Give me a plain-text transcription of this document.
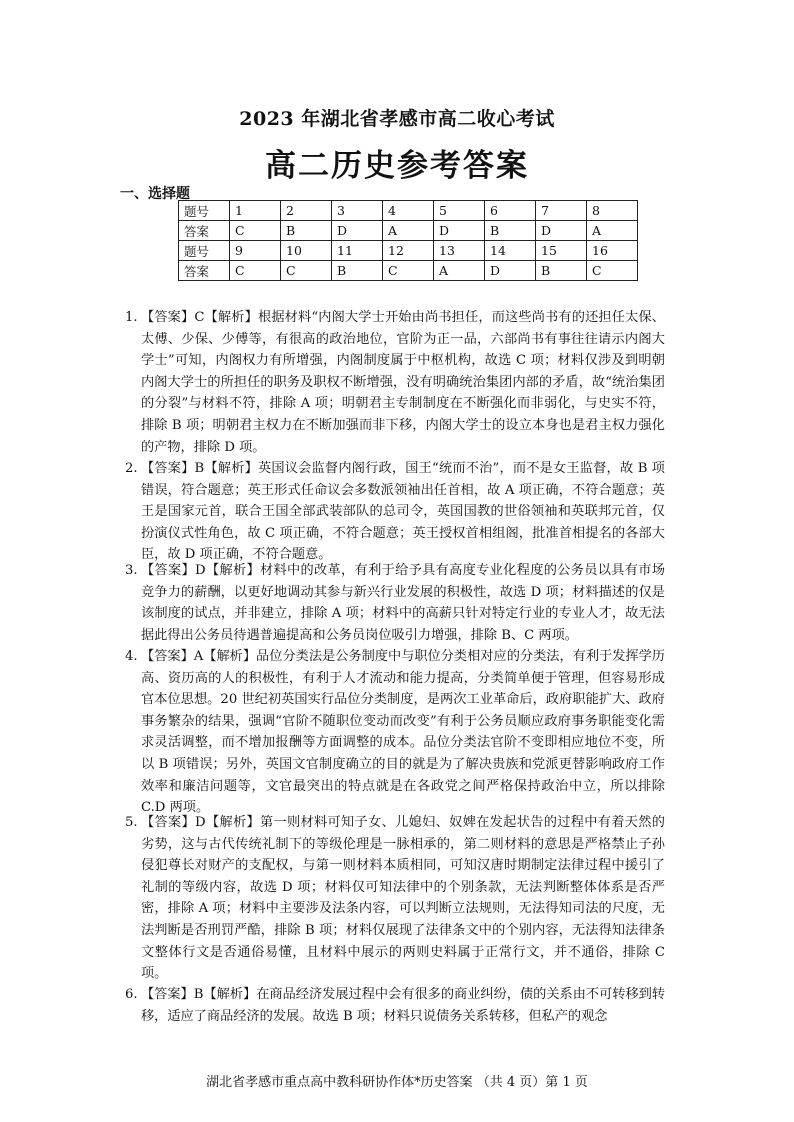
2023 年湖北省孝感市高二收心考试
高二历史参考答案
一、选择题
题号	1	2	3	4	5	6	7	8
答案	C	B	D	A	D	B	D	A
题号	9	10	11	12	13	14	15	16
答案	C	C	B	C	A	D	B	C
1. 【答案】C【解析】根据材料“内阁大学士开始由尚书担任，而这些尚书有的还担任太保、太傅、少保、少傅等，有很高的政治地位，官阶为正一品，六部尚书有事往往请示内阁大学士”可知，内阁权力有所增强，内阁制度属于中枢机构，故选 C 项；材料仅涉及到明朝内阁大学士的所担任的职务及职权不断增强，没有明确统治集团内部的矛盾，故“统治集团的分裂”与材料不符，排除 A 项；明朝君主专制制度在不断强化而非弱化，与史实不符，排除 B 项；明朝君主权力在不断加强而非下移，内阁大学士的设立本身也是君主权力强化的产物，排除 D 项。
2. 【答案】B【解析】英国议会监督内阁行政，国王“统而不治”，而不是女王监督，故 B 项错误，符合题意；英王形式任命议会多数派领袖出任首相，故 A 项正确，不符合题意；英王是国家元首，联合王国全部武装部队的总司令，英国国教的世俗领袖和英联邦元首，仅扮演仪式性角色，故 C 项正确，不符合题意；英王授权首相组阁，批准首相提名的各部大臣，故 D 项正确，不符合题意。
3. 【答案】D【解析】材料中的改革，有利于给予具有高度专业化程度的公务员以具有市场竞争力的薪酬，以更好地调动其参与新兴行业发展的积极性，故选 D 项；材料描述的仅是该制度的试点，并非建立，排除 A 项；材料中的高薪只针对特定行业的专业人才，故无法据此得出公务员待遇普遍提高和公务员岗位吸引力增强，排除 B、C 两项。
4. 【答案】A【解析】品位分类法是公务制度中与职位分类相对应的分类法，有利于发挥学历高、资历高的人的积极性，有利于人才流动和能力提高，分类简单便于管理，但容易形成官本位思想。20 世纪初英国实行品位分类制度，是两次工业革命后，政府职能扩大、政府事务繁杂的结果，强调“官阶不随职位变动而改变”有利于公务员顺应政府事务职能变化需求灵活调整，而不增加报酬等方面调整的成本。品位分类法官阶不变即相应地位不变，所以 B 项错误；另外，英国文官制度确立的目的就是为了解决贵族和党派更替影响政府工作效率和廉洁问题等，文官最突出的特点就是在各政党之间严格保持政治中立，所以排除 C.D 两项。
5. 【答案】D【解析】第一则材料可知子女、儿媳妇、奴婢在发起状告的过程中有着天然的劣势，这与古代传统礼制下的等级伦理是一脉相承的，第二则材料的意思是严格禁止子孙侵犯尊长对财产的支配权，与第一则材料本质相同，可知汉唐时期制定法律过程中援引了礼制的等级内容，故选 D 项；材料仅可知法律中的个别条款，无法判断整体体系是否严密，排除 A 项；材料中主要涉及法条内容，可以判断立法规则，无法得知司法的尺度，无法判断是否刑罚严酷，排除 B 项；材料仅展现了法律条文中的个别内容，无法得知法律条文整体行文是否通俗易懂，且材料中展示的两则史料属于正常行文，并不通俗，排除 C 项。
6. 【答案】B【解析】在商品经济发展过程中会有很多的商业纠纷，债的关系由不可转移到转移，适应了商品经济的发展。故选 B 项；材料只说债务关系转移，但私产的观念
湖北省孝感市重点高中教科研协作体*历史答案 （共 4 页）第 1 页
